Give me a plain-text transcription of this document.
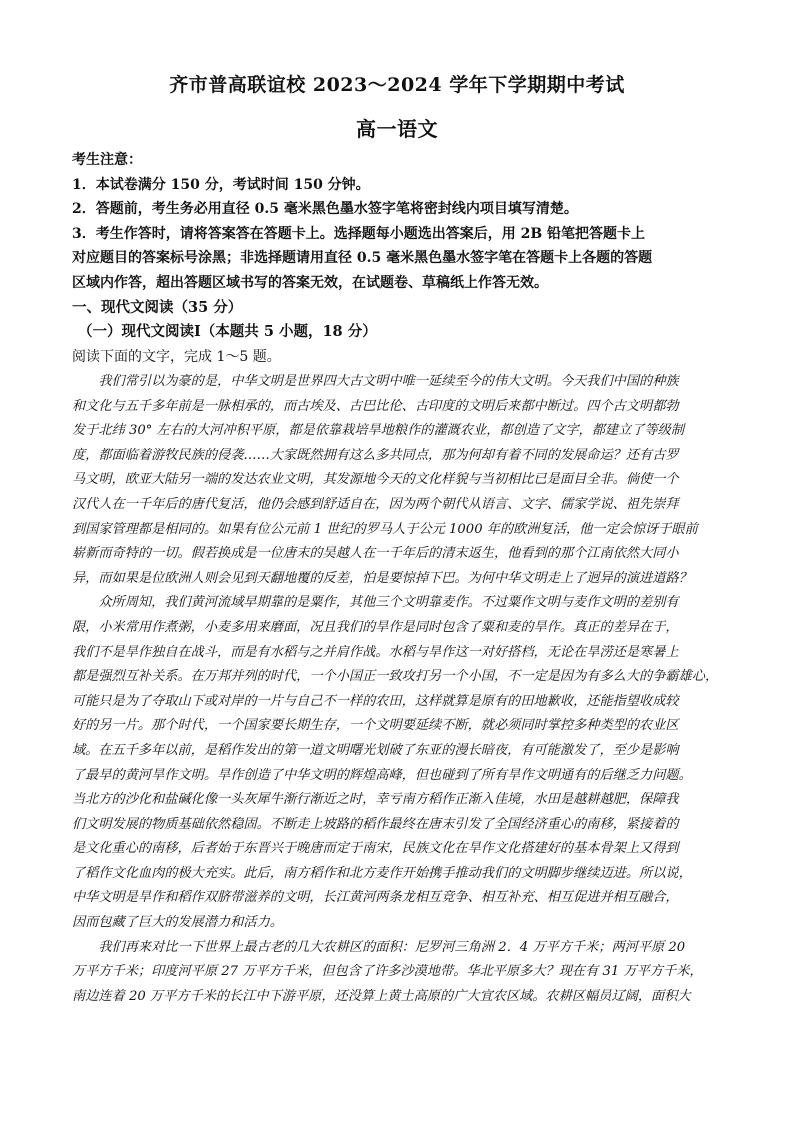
齐市普高联谊校 2023～2024 学年下学期期中考试
高一语文
考生注意：
1．本试卷满分 150 分，考试时间 150 分钟。
2．答题前，考生务必用直径 0.5 毫米黑色墨水签字笔将密封线内项目填写清楚。
3．考生作答时，请将答案答在答题卡上。选择题每小题选出答案后，用 2B 铅笔把答题卡上
对应题目的答案标号涂黑；非选择题请用直径 0.5 毫米黑色墨水签字笔在答题卡上各题的答题
区域内作答，超出答题区域书写的答案无效，在试题卷、草稿纸上作答无效。
一、现代文阅读（35 分）
（一）现代文阅读Ⅰ（本题共 5 小题，18 分）
阅读下面的文字，完成 1～5 题。
　　我们常引以为豪的是，中华文明是世界四大古文明中唯一延续至今的伟大文明。今天我们中国的种族
和文化与五千多年前是一脉相承的，而古埃及、古巴比伦、古印度的文明后来都中断过。四个古文明都勃
发于北纬 30° 左右的大河冲积平原，都是依靠栽培旱地粮作的灌溉农业，都创造了文字，都建立了等级制
度，都面临着游牧民族的侵袭……大家既然拥有这么多共同点，那为何却有着不同的发展命运？还有古罗
马文明，欧亚大陆另一端的发达农业文明，其发源地今天的文化样貌与当初相比已是面目全非。倘使一个
汉代人在一千年后的唐代复活，他仍会感到舒适自在，因为两个朝代从语言、文字、儒家学说、祖先崇拜
到国家管理都是相同的。如果有位公元前 1 世纪的罗马人于公元 1000 年的欧洲复活，他一定会惊讶于眼前
崭新而奇特的一切。假若换成是一位唐末的吴越人在一千年后的清末返生，他看到的那个江南依然大同小
异，而如果是位欧洲人则会见到天翻地覆的反差，怕是要惊掉下巴。为何中华文明走上了迥异的演进道路？
　　众所周知，我们黄河流域早期靠的是粟作，其他三个文明靠麦作。不过粟作文明与麦作文明的差别有
限，小米常用作煮粥，小麦多用来磨面，况且我们的旱作是同时包含了粟和麦的旱作。真正的差异在于，
我们不是旱作独自在战斗，而是有水稻与之并肩作战。水稻与旱作这一对好搭档，无论在旱涝还是寒暑上
都是强烈互补关系。在万邦并列的时代，一个小国正一致攻打另一个小国，不一定是因为有多么大的争霸雄心，
可能只是为了夺取山下或对岸的一片与自己不一样的农田，这样就算是原有的田地歉收，还能指望收成较
好的另一片。那个时代，一个国家要长期生存，一个文明要延续不断，就必须同时掌控多种类型的农业区
域。在五千多年以前，是稻作发出的第一道文明曙光划破了东亚的漫长暗夜，有可能激发了，至少是影响
了最早的黄河旱作文明。旱作创造了中华文明的辉煌高峰，但也碰到了所有旱作文明通有的后继乏力问题。
当北方的沙化和盐碱化像一头灰犀牛渐行渐近之时，幸亏南方稻作正渐入佳境，水田是越耕越肥，保障我
们文明发展的物质基础依然稳固。不断走上坡路的稻作最终在唐末引发了全国经济重心的南移，紧接着的
是文化重心的南移，后者始于东晋兴于晚唐而定于南宋，民族文化在旱作文化搭建好的基本骨架上又得到
了稻作文化血肉的极大充实。此后，南方稻作和北方麦作开始携手推动我们的文明脚步继续迈进。所以说，
中华文明是旱作和稻作双脐带滋养的文明，长江黄河两条龙相互竞争、相互补充、相互促进并相互融合，
因而包藏了巨大的发展潜力和活力。
　　我们再来对比一下世界上最古老的几大农耕区的面积：尼罗河三角洲 2．4 万平方千米；两河平原 20
万平方千米；印度河平原 27 万平方千米，但包含了许多沙漠地带。华北平原多大？现在有 31 万平方千米，
南边连着 20 万平方千米的长江中下游平原，还没算上黄土高原的广大宜农区域。农耕区幅员辽阔，面积大
